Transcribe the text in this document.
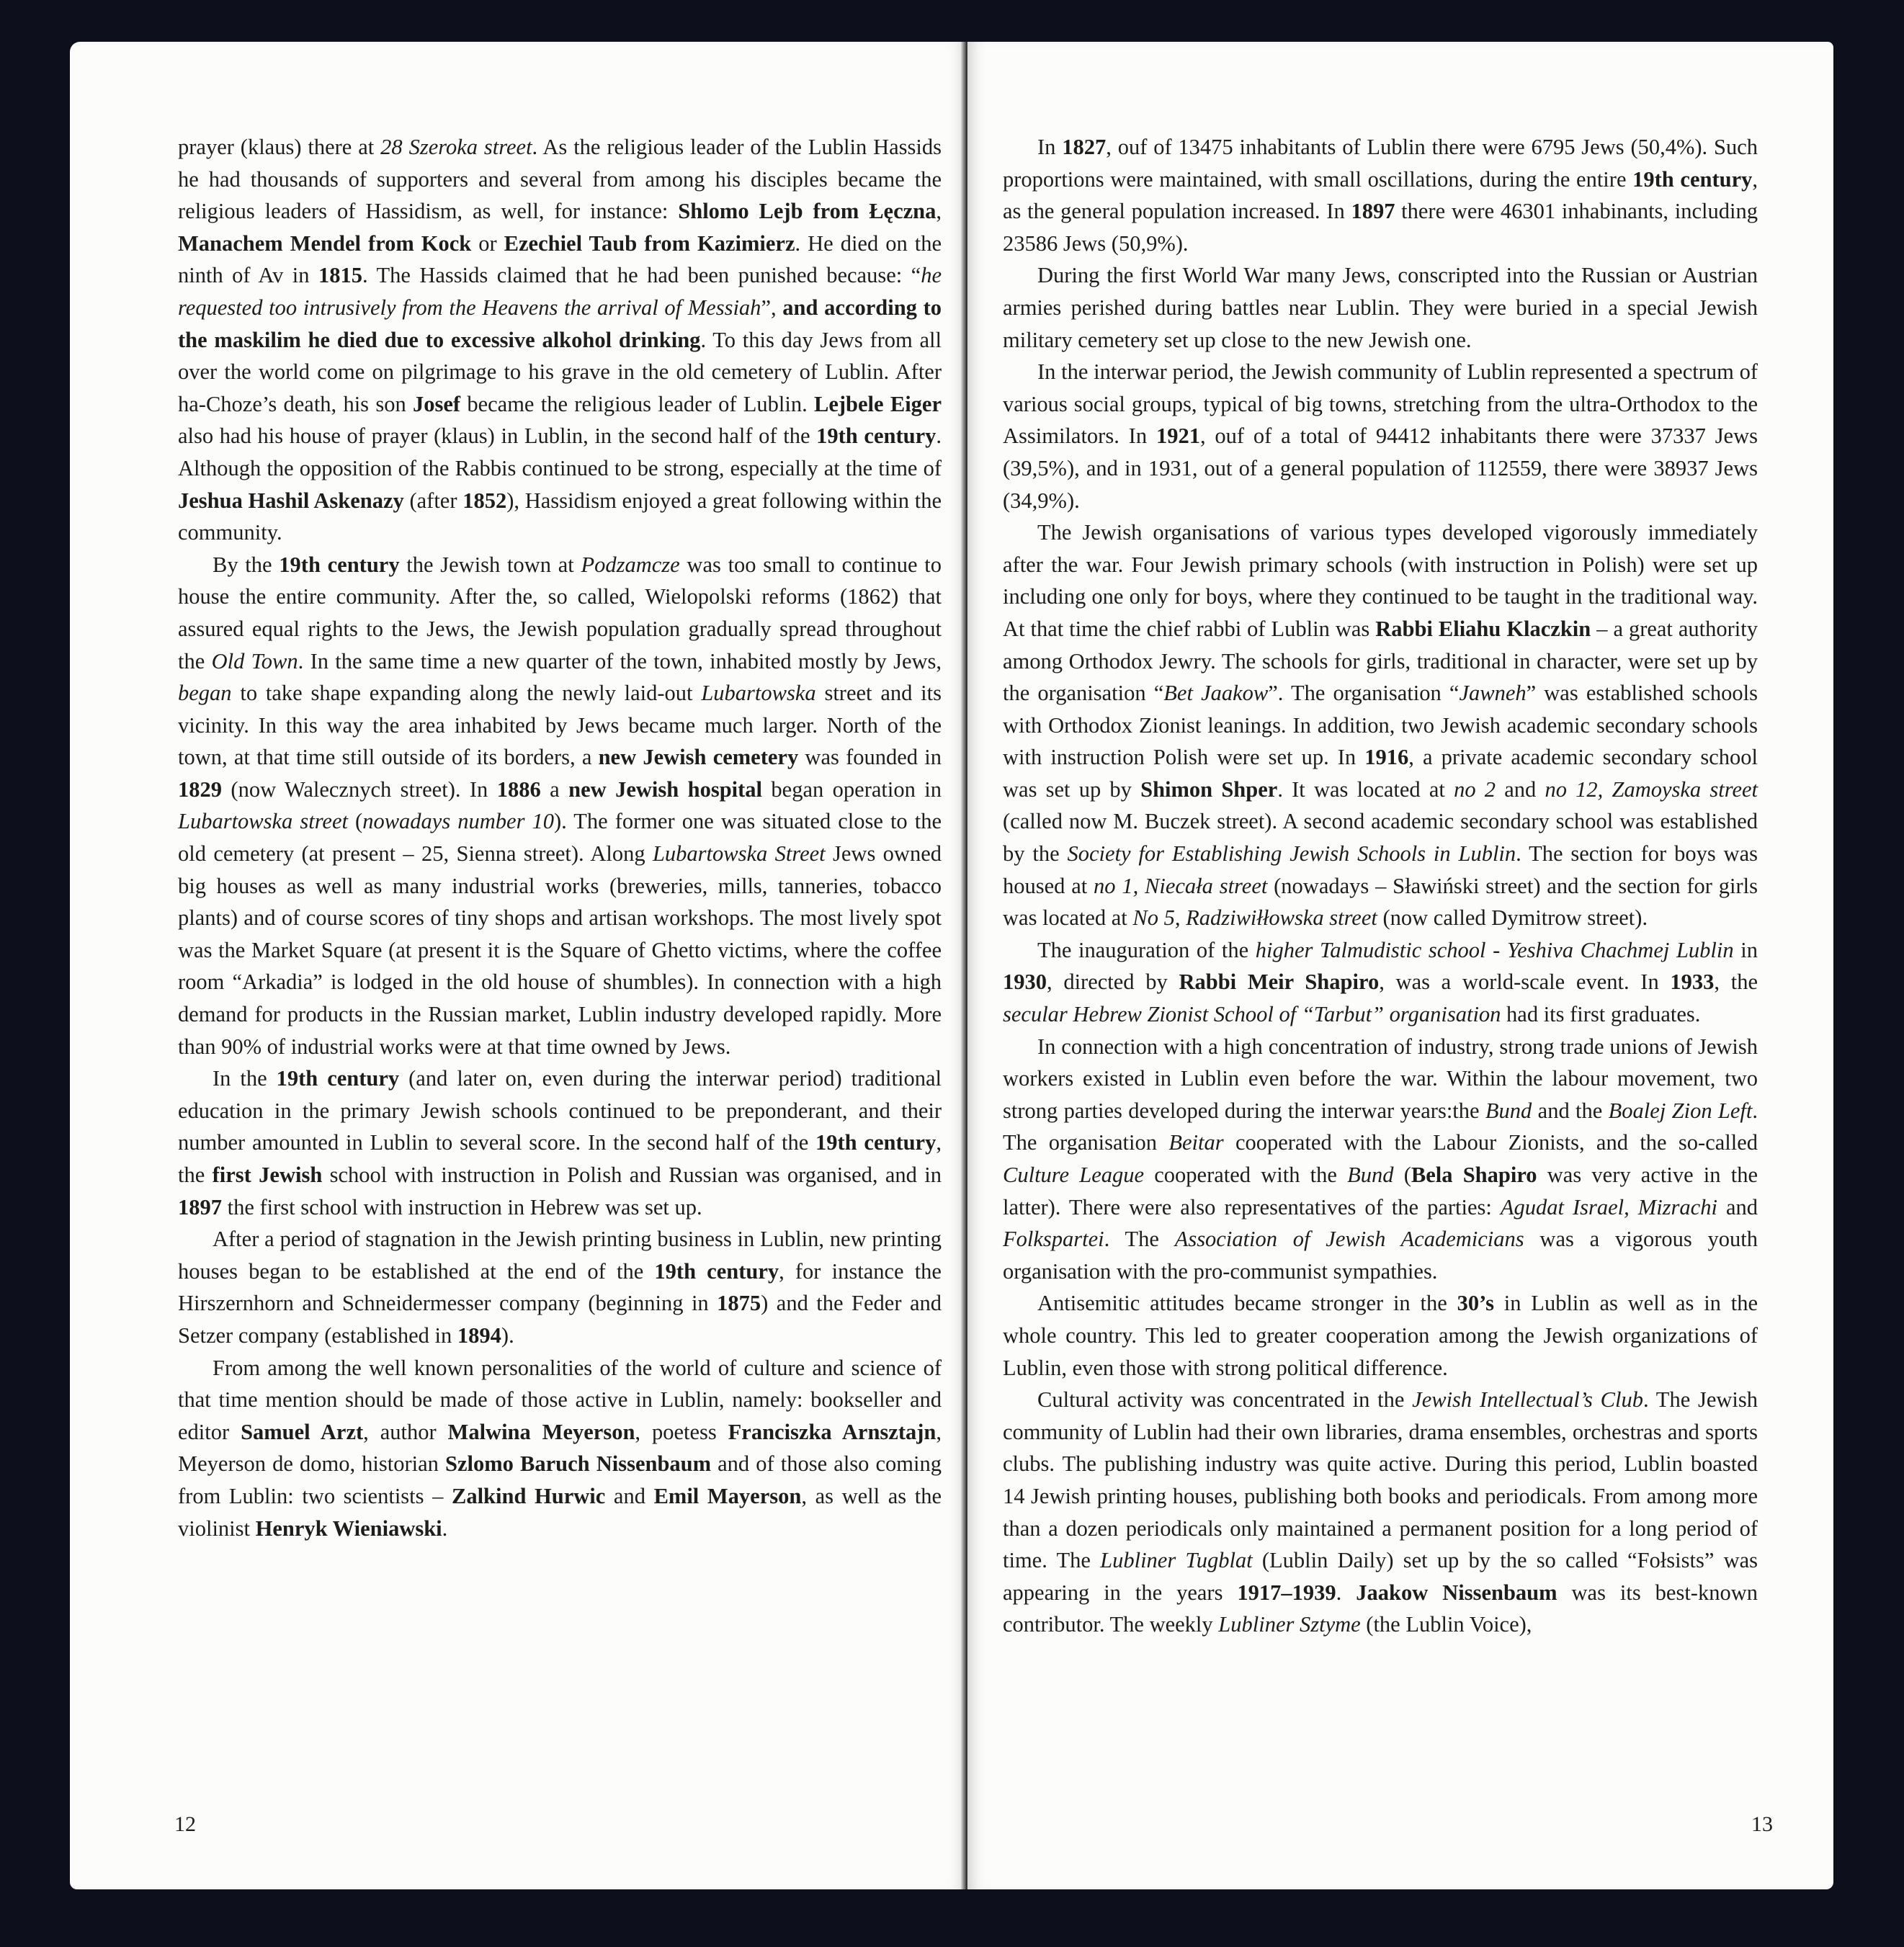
prayer (klaus) there at 28 Szeroka street. As the religious leader of the Lublin Hassids he had thousands of supporters and several from among his disciples became the religious leaders of Hassidism, as well, for instance: Shlomo Lejb from Łęczna, Manachem Mendel from Kock or Ezechiel Taub from Kazimierz. He died on the ninth of Av in 1815. The Hassids claimed that he had been punished because: “he requested too intrusively from the Heavens the arrival of Messiah”, and according to the maskilim he died due to excessive alkohol drinking. To this day Jews from all over the world come on pilgrimage to his grave in the old cemetery of Lublin. After ha-Choze’s death, his son Josef became the religious leader of Lublin. Lejbele Eiger also had his house of prayer (klaus) in Lublin, in the second half of the 19th century. Although the opposition of the Rabbis continued to be strong, especially at the time of Jeshua Hashil Askenazy (after 1852), Hassidism enjoyed a great following within the community.

By the 19th century the Jewish town at Podzamcze was too small to continue to house the entire community. After the, so called, Wielopolski reforms (1862) that assured equal rights to the Jews, the Jewish population gradually spread throughout the Old Town. In the same time a new quarter of the town, inhabited mostly by Jews, began to take shape expanding along the newly laid-out Lubartowska street and its vicinity. In this way the area inhabited by Jews became much larger. North of the town, at that time still outside of its borders, a new Jewish cemetery was founded in 1829 (now Walecznych street). In 1886 a new Jewish hospital began operation in Lubartowska street (nowadays number 10). The former one was situated close to the old cemetery (at present – 25, Sienna street). Along Lubartowska Street Jews owned big houses as well as many industrial works (breweries, mills, tanneries, tobacco plants) and of course scores of tiny shops and artisan workshops. The most lively spot was the Market Square (at present it is the Square of Ghetto victims, where the coffee room “Arkadia” is lodged in the old house of shumbles). In connection with a high demand for products in the Russian market, Lublin industry developed rapidly. More than 90% of industrial works were at that time owned by Jews.

In the 19th century (and later on, even during the interwar period) traditional education in the primary Jewish schools continued to be preponderant, and their number amounted in Lublin to several score. In the second half of the 19th century, the first Jewish school with instruction in Polish and Russian was organised, and in 1897 the first school with instruction in Hebrew was set up.

After a period of stagnation in the Jewish printing business in Lublin, new printing houses began to be established at the end of the 19th century, for instance the Hirszernhorn and Schneidermesser company (beginning in 1875) and the Feder and Setzer company (established in 1894).

From among the well known personalities of the world of culture and science of that time mention should be made of those active in Lublin, namely: bookseller and editor Samuel Arzt, author Malwina Meyerson, poetess Franciszka Arnsztajn, Meyerson de domo, historian Szlomo Baruch Nissenbaum and of those also coming from Lublin: two scientists – Zalkind Hurwic and Emil Mayerson, as well as the violinist Henryk Wieniawski.

12

In 1827, ouf of 13475 inhabitants of Lublin there were 6795 Jews (50,4%). Such proportions were maintained, with small oscillations, during the entire 19th century, as the general population increased. In 1897 there were 46301 inhabinants, including 23586 Jews (50,9%).

During the first World War many Jews, conscripted into the Russian or Austrian armies perished during battles near Lublin. They were buried in a special Jewish military cemetery set up close to the new Jewish one.

In the interwar period, the Jewish community of Lublin represented a spectrum of various social groups, typical of big towns, stretching from the ultra-Orthodox to the Assimilators. In 1921, ouf of a total of 94412 inhabitants there were 37337 Jews (39,5%), and in 1931, out of a general population of 112559, there were 38937 Jews (34,9%).

The Jewish organisations of various types developed vigorously immediately after the war. Four Jewish primary schools (with instruction in Polish) were set up including one only for boys, where they continued to be taught in the traditional way. At that time the chief rabbi of Lublin was Rabbi Eliahu Klaczkin – a great authority among Orthodox Jewry. The schools for girls, traditional in character, were set up by the organisation “Bet Jaakow”. The organisation “Jawneh” was established schools with Orthodox Zionist leanings. In addition, two Jewish academic secondary schools with instruction Polish were set up. In 1916, a private academic secondary school was set up by Shimon Shper. It was located at no 2 and no 12, Zamoyska street (called now M. Buczek street). A second academic secondary school was established by the Society for Establishing Jewish Schools in Lublin. The section for boys was housed at no 1, Niecała street (nowadays – Sławiński street) and the section for girls was located at No 5, Radziwiłłowska street (now called Dymitrow street).

The inauguration of the higher Talmudistic school - Yeshiva Chachmej Lublin in 1930, directed by Rabbi Meir Shapiro, was a world-scale event. In 1933, the secular Hebrew Zionist School of “Tarbut” organisation had its first graduates.

In connection with a high concentration of industry, strong trade unions of Jewish workers existed in Lublin even before the war. Within the labour movement, two strong parties developed during the interwar years:the Bund and the Boalej Zion Left. The organisation Beitar cooperated with the Labour Zionists, and the so-called Culture League cooperated with the Bund (Bela Shapiro was very active in the latter). There were also representatives of the parties: Agudat Israel, Mizrachi and Folkspartei. The Association of Jewish Academicians was a vigorous youth organisation with the pro-communist sympathies.

Antisemitic attitudes became stronger in the 30’s in Lublin as well as in the whole country. This led to greater cooperation among the Jewish organizations of Lublin, even those with strong political difference.

Cultural activity was concentrated in the Jewish Intellectual’s Club. The Jewish community of Lublin had their own libraries, drama ensembles, orchestras and sports clubs. The publishing industry was quite active. During this period, Lublin boasted 14 Jewish printing houses, publishing both books and periodicals. From among more than a dozen periodicals only maintained a permanent position for a long period of time. The Lubliner Tugblat (Lublin Daily) set up by the so called “Fołsists” was appearing in the years 1917–1939. Jaakow Nissenbaum was its best-known contributor. The weekly Lubliner Sztyme (the Lublin Voice),

13
